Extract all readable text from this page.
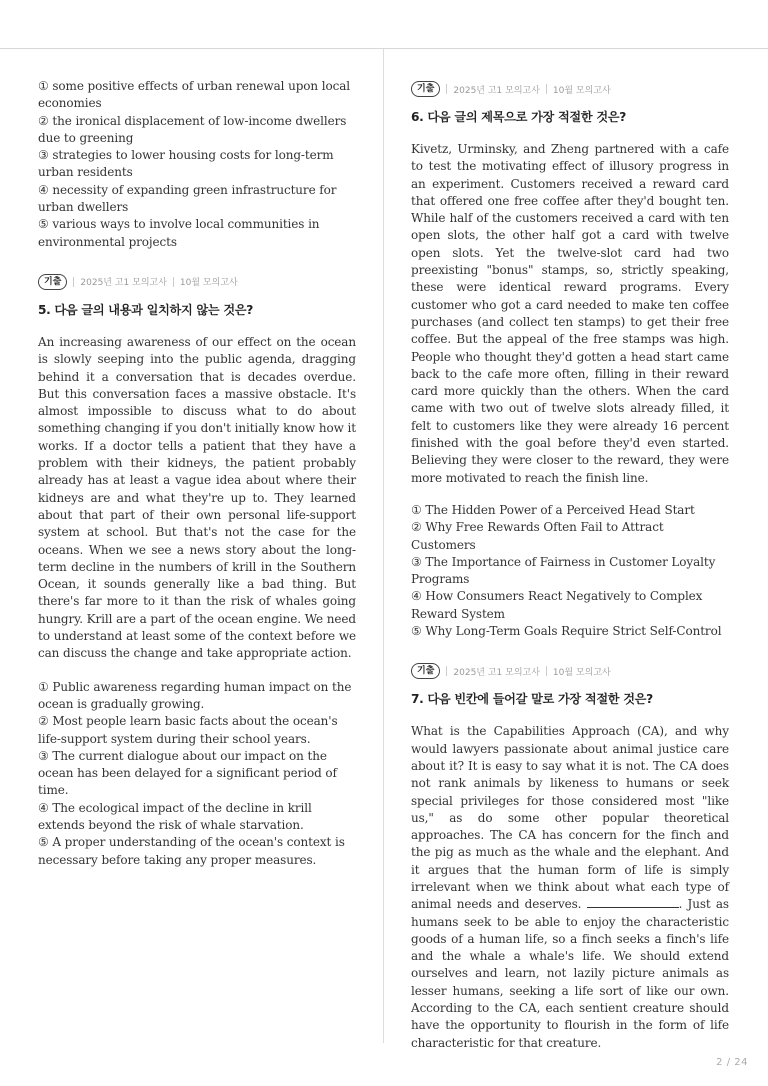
① some positive effects of urban renewal upon local economies
② the ironical displacement of low-income dwellers due to greening
③ strategies to lower housing costs for long-term urban residents
④ necessity of expanding green infrastructure for urban dwellers
⑤ various ways to involve local communities in environmental projects
기출	2025년 고1 모의고사 10월 모의고사
5. 다음 글의 내용과 일치하지 않는 것은?

An increasing awareness of our effect on the ocean is slowly seeping into the public agenda, dragging behind it a conversation that is decades overdue. But this conversation faces a massive obstacle. It's almost impossible to discuss what to do about something changing if you don't initially know how it works. If a doctor tells a patient that they have a problem with their kidneys, the patient probably already has at least a vague idea about where their kidneys are and what they're up to. They learned about that part of their own personal life-support system at school. But that's not the case for the oceans. When we see a news story about the long-term decline in the numbers of krill in the Southern Ocean, it sounds generally like a bad thing. But there's far more to it than the risk of whales going hungry. Krill are a part of the ocean engine. We need to understand at least some of the context before we can discuss the change and take appropriate action.

① Public awareness regarding human impact on the ocean is gradually growing.
② Most people learn basic facts about the ocean's life-support system during their school years.
③ The current dialogue about our impact on the ocean has been delayed for a significant period of time.
④ The ecological impact of the decline in krill extends beyond the risk of whale starvation.
⑤ A proper understanding of the ocean's context is necessary before taking any proper measures.
기출	2025년 고1 모의고사 10월 모의고사
6. 다음 글의 제목으로 가장 적절한 것은?

Kivetz, Urminsky, and Zheng partnered with a cafe to test the motivating effect of illusory progress in an experiment. Customers received a reward card that offered one free coffee after they'd bought ten. While half of the customers received a card with ten open slots, the other half got a card with twelve open slots. Yet the twelve-slot card had two preexisting "bonus" stamps, so, strictly speaking, these were identical reward programs. Every customer who got a card needed to make ten coffee purchases (and collect ten stamps) to get their free coffee. But the appeal of the free stamps was high. People who thought they'd gotten a head start came back to the cafe more often, filling in their reward card more quickly than the others. When the card came with two out of twelve slots already filled, it felt to customers like they were already 16 percent finished with the goal before they'd even started. Believing they were closer to the reward, they were more motivated to reach the finish line.

① The Hidden Power of a Perceived Head Start
② Why Free Rewards Often Fail to Attract Customers
③ The Importance of Fairness in Customer Loyalty Programs
④ How Consumers React Negatively to Complex Reward System
⑤ Why Long-Term Goals Require Strict Self-Control
기출	2025년 고1 모의고사 10월 모의고사
7. 다음 빈칸에 들어갈 말로 가장 적절한 것은?

What is the Capabilities Approach (CA), and why would lawyers passionate about animal justice care about it? It is easy to say what it is not. The CA does not rank animals by likeness to humans or seek special privileges for those considered most "like us," as do some other popular theoretical approaches. The CA has concern for the finch and the pig as much as the whale and the elephant. And it argues that the human form of life is simply irrelevant when we think about what each type of animal needs and deserves.	. Just as humans seek to be able to enjoy the characteristic goods of a human life, so a finch seeks a finch's life and the whale a whale's life. We should extend ourselves and learn, not lazily picture animals as lesser humans, seeking a life sort of like our own. According to the CA, each sentient creature should have the opportunity to flourish in the form of life characteristic for that creature.

2 / 24
